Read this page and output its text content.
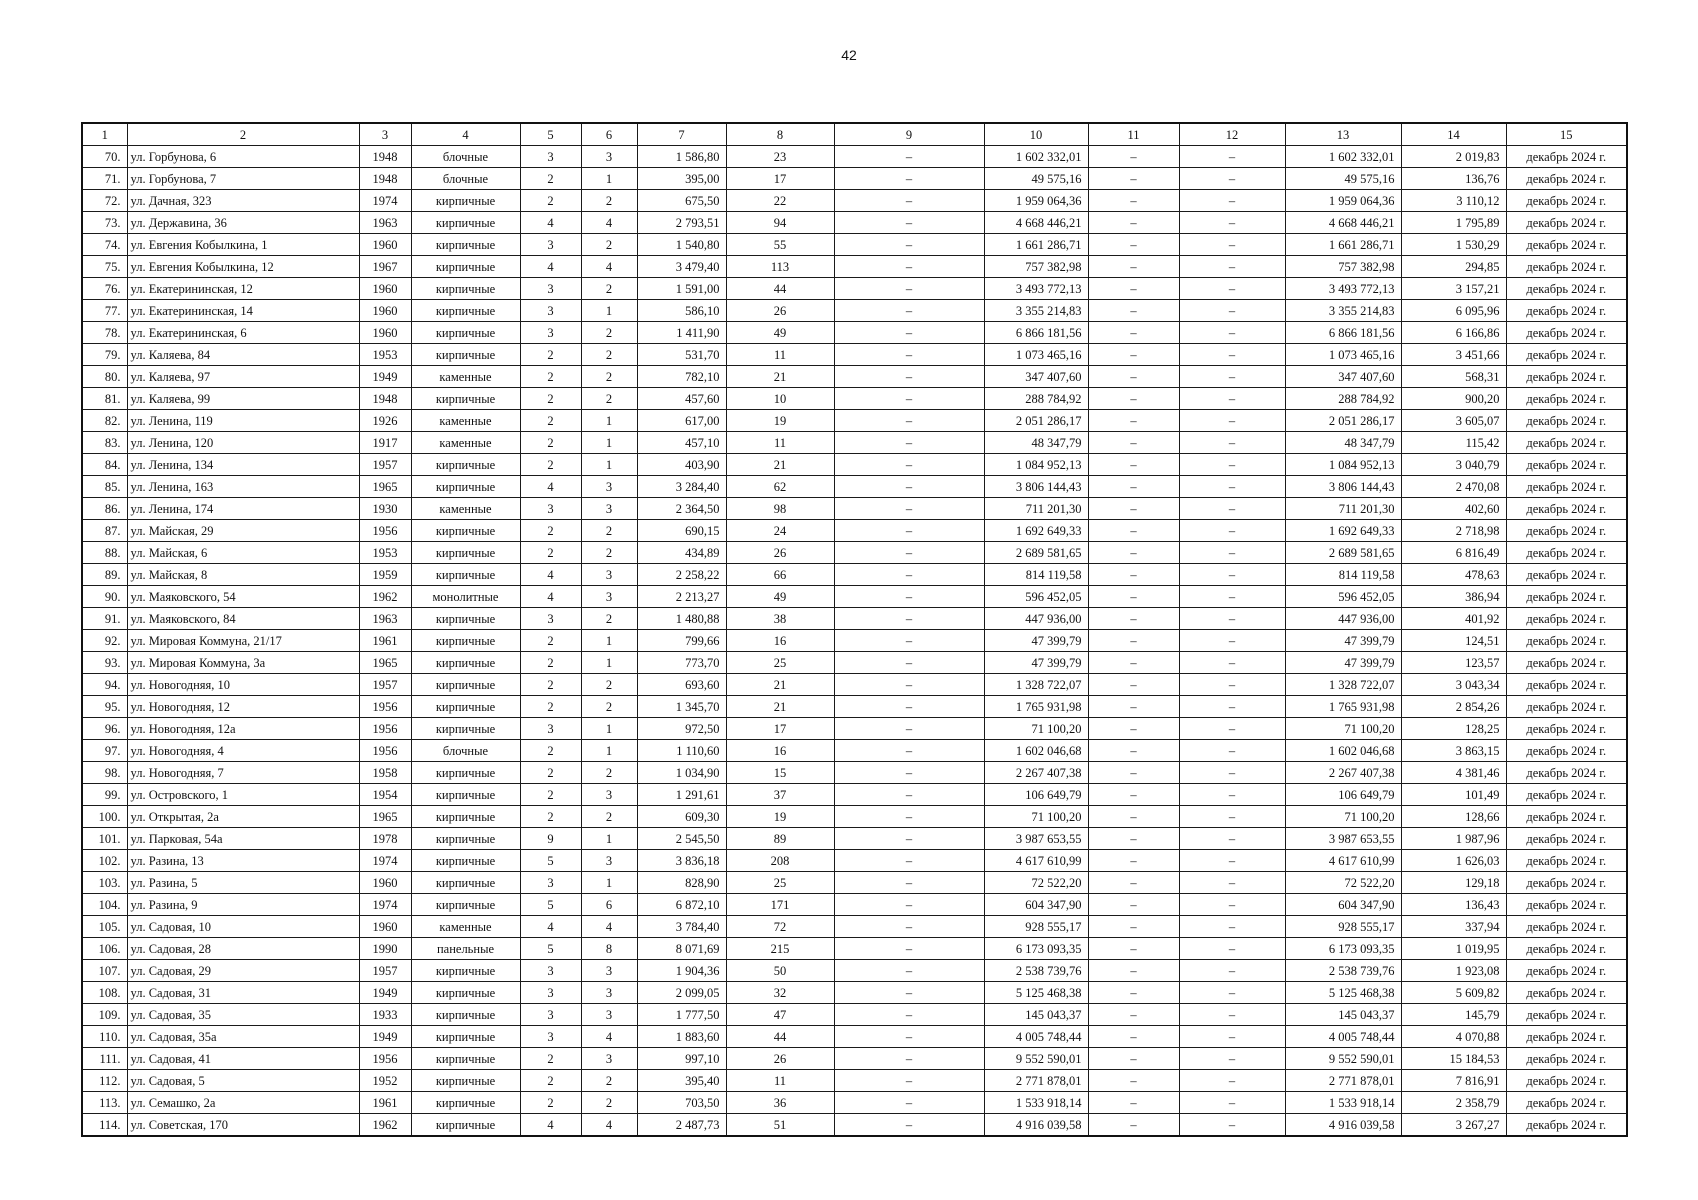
42
1	2	3	4	5	6	7	8	9	10	11	12	13	14	15
70.	ул. Горбунова, 6	1948	блочные	3	3	1 586,80	23	–	1 602 332,01	–	–	1 602 332,01	2 019,83	декабрь 2024 г.
71.	ул. Горбунова, 7	1948	блочные	2	1	395,00	17	–	49 575,16	–	–	49 575,16	136,76	декабрь 2024 г.
72.	ул. Дачная, 323	1974	кирпичные	2	2	675,50	22	–	1 959 064,36	–	–	1 959 064,36	3 110,12	декабрь 2024 г.
73.	ул. Державина, 36	1963	кирпичные	4	4	2 793,51	94	–	4 668 446,21	–	–	4 668 446,21	1 795,89	декабрь 2024 г.
74.	ул. Евгения Кобылкина, 1	1960	кирпичные	3	2	1 540,80	55	–	1 661 286,71	–	–	1 661 286,71	1 530,29	декабрь 2024 г.
75.	ул. Евгения Кобылкина, 12	1967	кирпичные	4	4	3 479,40	113	–	757 382,98	–	–	757 382,98	294,85	декабрь 2024 г.
76.	ул. Екатерининская, 12	1960	кирпичные	3	2	1 591,00	44	–	3 493 772,13	–	–	3 493 772,13	3 157,21	декабрь 2024 г.
77.	ул. Екатерининская, 14	1960	кирпичные	3	1	586,10	26	–	3 355 214,83	–	–	3 355 214,83	6 095,96	декабрь 2024 г.
78.	ул. Екатерининская, 6	1960	кирпичные	3	2	1 411,90	49	–	6 866 181,56	–	–	6 866 181,56	6 166,86	декабрь 2024 г.
79.	ул. Каляева, 84	1953	кирпичные	2	2	531,70	11	–	1 073 465,16	–	–	1 073 465,16	3 451,66	декабрь 2024 г.
80.	ул. Каляева, 97	1949	каменные	2	2	782,10	21	–	347 407,60	–	–	347 407,60	568,31	декабрь 2024 г.
81.	ул. Каляева, 99	1948	кирпичные	2	2	457,60	10	–	288 784,92	–	–	288 784,92	900,20	декабрь 2024 г.
82.	ул. Ленина, 119	1926	каменные	2	1	617,00	19	–	2 051 286,17	–	–	2 051 286,17	3 605,07	декабрь 2024 г.
83.	ул. Ленина, 120	1917	каменные	2	1	457,10	11	–	48 347,79	–	–	48 347,79	115,42	декабрь 2024 г.
84.	ул. Ленина, 134	1957	кирпичные	2	1	403,90	21	–	1 084 952,13	–	–	1 084 952,13	3 040,79	декабрь 2024 г.
85.	ул. Ленина, 163	1965	кирпичные	4	3	3 284,40	62	–	3 806 144,43	–	–	3 806 144,43	2 470,08	декабрь 2024 г.
86.	ул. Ленина, 174	1930	каменные	3	3	2 364,50	98	–	711 201,30	–	–	711 201,30	402,60	декабрь 2024 г.
87.	ул. Майская, 29	1956	кирпичные	2	2	690,15	24	–	1 692 649,33	–	–	1 692 649,33	2 718,98	декабрь 2024 г.
88.	ул. Майская, 6	1953	кирпичные	2	2	434,89	26	–	2 689 581,65	–	–	2 689 581,65	6 816,49	декабрь 2024 г.
89.	ул. Майская, 8	1959	кирпичные	4	3	2 258,22	66	–	814 119,58	–	–	814 119,58	478,63	декабрь 2024 г.
90.	ул. Маяковского, 54	1962	монолитные	4	3	2 213,27	49	–	596 452,05	–	–	596 452,05	386,94	декабрь 2024 г.
91.	ул. Маяковского, 84	1963	кирпичные	3	2	1 480,88	38	–	447 936,00	–	–	447 936,00	401,92	декабрь 2024 г.
92.	ул. Мировая Коммуна, 21/17	1961	кирпичные	2	1	799,66	16	–	47 399,79	–	–	47 399,79	124,51	декабрь 2024 г.
93.	ул. Мировая Коммуна, 3а	1965	кирпичные	2	1	773,70	25	–	47 399,79	–	–	47 399,79	123,57	декабрь 2024 г.
94.	ул. Новогодняя, 10	1957	кирпичные	2	2	693,60	21	–	1 328 722,07	–	–	1 328 722,07	3 043,34	декабрь 2024 г.
95.	ул. Новогодняя, 12	1956	кирпичные	2	2	1 345,70	21	–	1 765 931,98	–	–	1 765 931,98	2 854,26	декабрь 2024 г.
96.	ул. Новогодняя, 12а	1956	кирпичные	3	1	972,50	17	–	71 100,20	–	–	71 100,20	128,25	декабрь 2024 г.
97.	ул. Новогодняя, 4	1956	блочные	2	1	1 110,60	16	–	1 602 046,68	–	–	1 602 046,68	3 863,15	декабрь 2024 г.
98.	ул. Новогодняя, 7	1958	кирпичные	2	2	1 034,90	15	–	2 267 407,38	–	–	2 267 407,38	4 381,46	декабрь 2024 г.
99.	ул. Островского, 1	1954	кирпичные	2	3	1 291,61	37	–	106 649,79	–	–	106 649,79	101,49	декабрь 2024 г.
100.	ул. Открытая, 2а	1965	кирпичные	2	2	609,30	19	–	71 100,20	–	–	71 100,20	128,66	декабрь 2024 г.
101.	ул. Парковая, 54а	1978	кирпичные	9	1	2 545,50	89	–	3 987 653,55	–	–	3 987 653,55	1 987,96	декабрь 2024 г.
102.	ул. Разина, 13	1974	кирпичные	5	3	3 836,18	208	–	4 617 610,99	–	–	4 617 610,99	1 626,03	декабрь 2024 г.
103.	ул. Разина, 5	1960	кирпичные	3	1	828,90	25	–	72 522,20	–	–	72 522,20	129,18	декабрь 2024 г.
104.	ул. Разина, 9	1974	кирпичные	5	6	6 872,10	171	–	604 347,90	–	–	604 347,90	136,43	декабрь 2024 г.
105.	ул. Садовая, 10	1960	каменные	4	4	3 784,40	72	–	928 555,17	–	–	928 555,17	337,94	декабрь 2024 г.
106.	ул. Садовая, 28	1990	панельные	5	8	8 071,69	215	–	6 173 093,35	–	–	6 173 093,35	1 019,95	декабрь 2024 г.
107.	ул. Садовая, 29	1957	кирпичные	3	3	1 904,36	50	–	2 538 739,76	–	–	2 538 739,76	1 923,08	декабрь 2024 г.
108.	ул. Садовая, 31	1949	кирпичные	3	3	2 099,05	32	–	5 125 468,38	–	–	5 125 468,38	5 609,82	декабрь 2024 г.
109.	ул. Садовая, 35	1933	кирпичные	3	3	1 777,50	47	–	145 043,37	–	–	145 043,37	145,79	декабрь 2024 г.
110.	ул. Садовая, 35а	1949	кирпичные	3	4	1 883,60	44	–	4 005 748,44	–	–	4 005 748,44	4 070,88	декабрь 2024 г.
111.	ул. Садовая, 41	1956	кирпичные	2	3	997,10	26	–	9 552 590,01	–	–	9 552 590,01	15 184,53	декабрь 2024 г.
112.	ул. Садовая, 5	1952	кирпичные	2	2	395,40	11	–	2 771 878,01	–	–	2 771 878,01	7 816,91	декабрь 2024 г.
113.	ул. Семашко, 2а	1961	кирпичные	2	2	703,50	36	–	1 533 918,14	–	–	1 533 918,14	2 358,79	декабрь 2024 г.
114.	ул. Советская, 170	1962	кирпичные	4	4	2 487,73	51	–	4 916 039,58	–	–	4 916 039,58	3 267,27	декабрь 2024 г.
